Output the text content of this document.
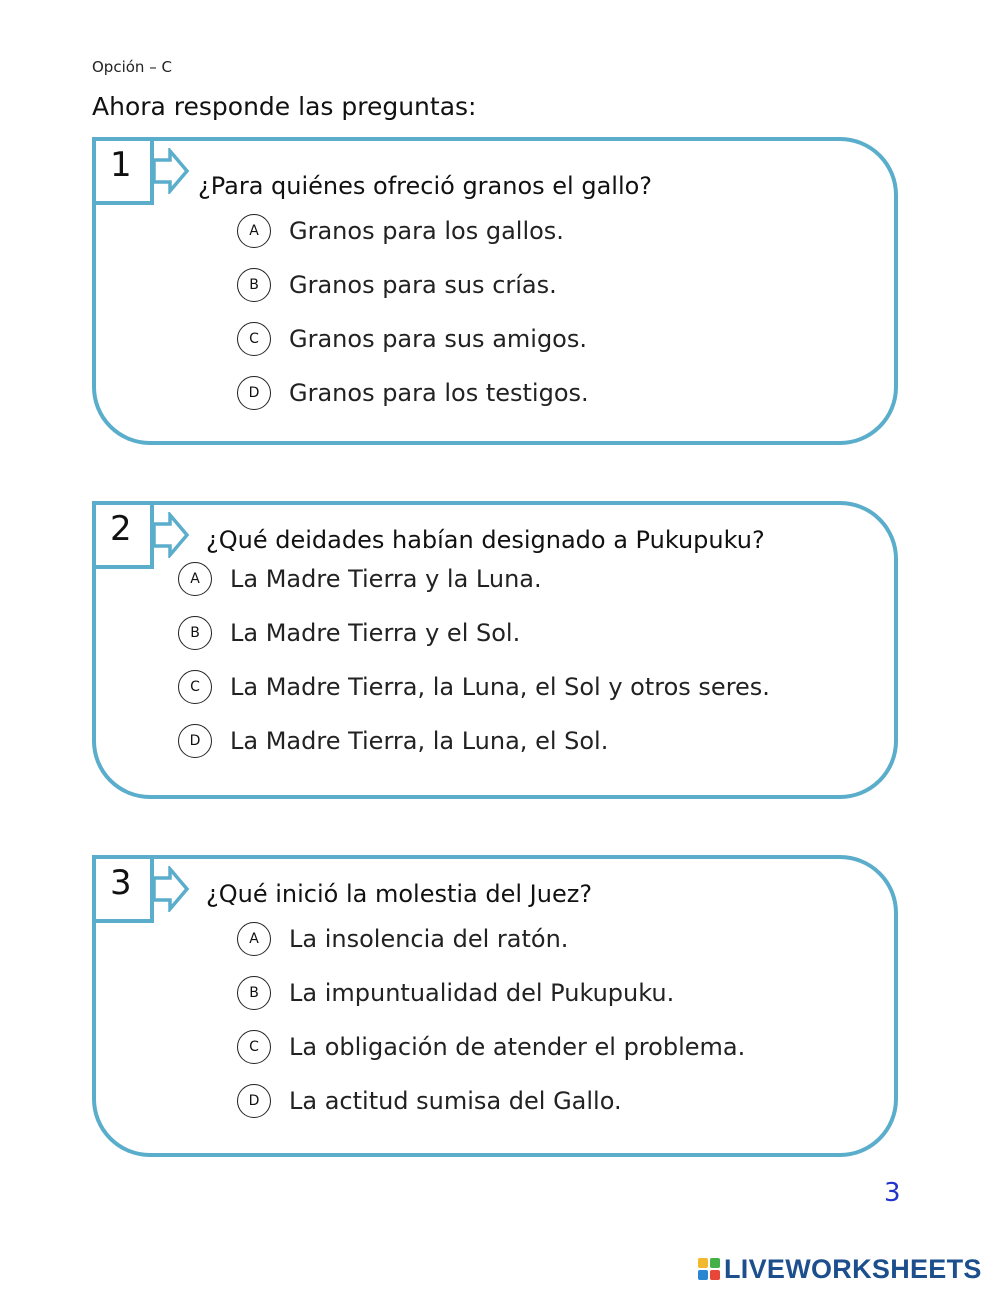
Opción – C
Ahora responde las preguntas:
1
¿Para quiénes ofreció granos el gallo?
A	Granos para los gallos.
B	Granos para sus crías.
C	Granos para sus amigos.
D	Granos para los testigos.
2	¿Qué deidades habían designado a Pukupuku?
A	La Madre Tierra y la Luna.
B	La Madre Tierra y el Sol.
C	La Madre Tierra, la Luna, el Sol y otros seres.
D	La Madre Tierra, la Luna, el Sol.
3	¿Qué inició la molestia del Juez?
A	La insolencia del ratón.
B	La impuntualidad del Pukupuku.
C	La obligación de atender el problema.
D	La actitud sumisa del Gallo.
3
LIVEWORKSHEETS
